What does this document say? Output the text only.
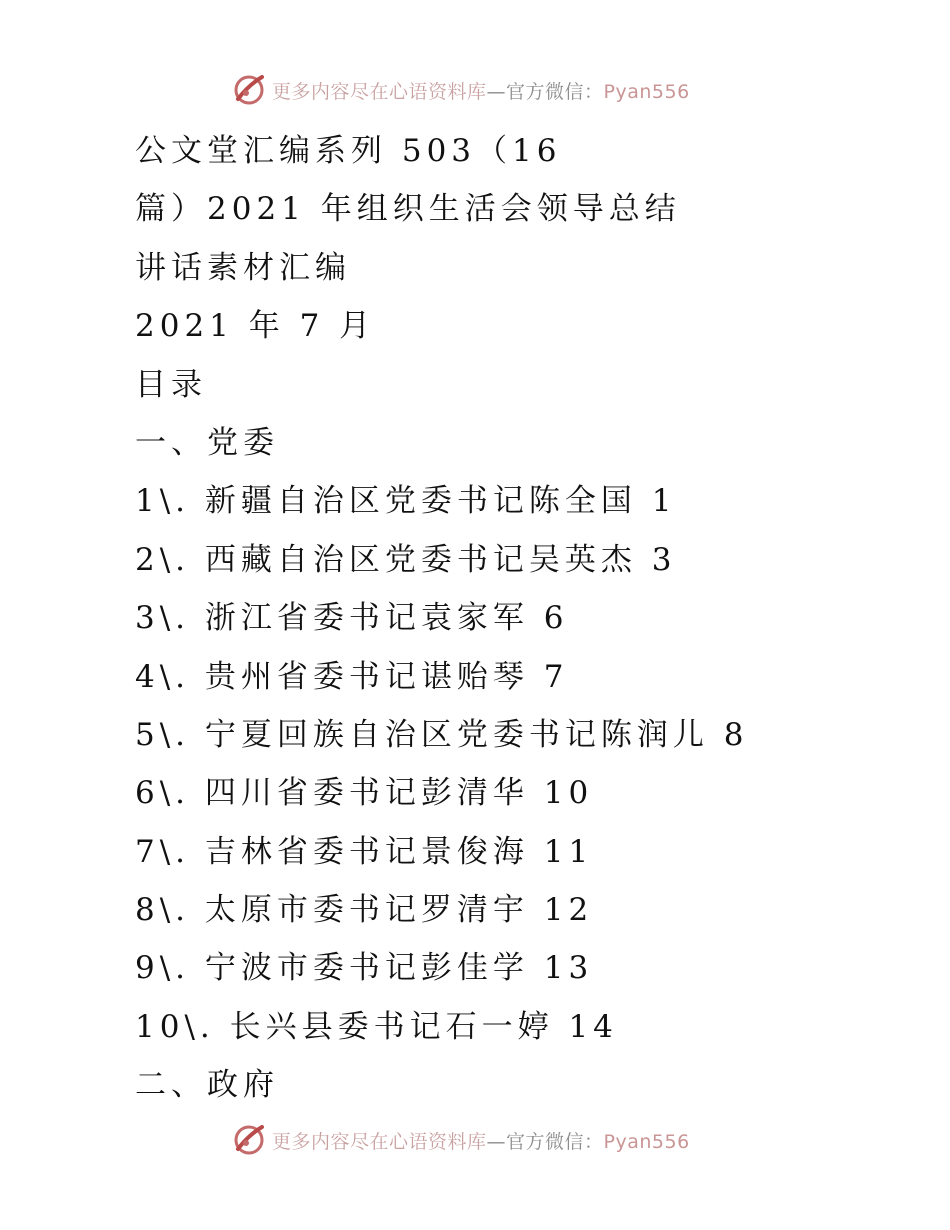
更多内容尽在心语资料库—官方微信：Pyan556
公文堂汇编系列 503（16
篇）2021 年组织生活会领导总结
讲话素材汇编
2021 年 7 月
目录
一、党委
1\. 新疆自治区党委书记陈全国 1
2\. 西藏自治区党委书记吴英杰 3
3\. 浙江省委书记袁家军 6
4\. 贵州省委书记谌贻琴 7
5\. 宁夏回族自治区党委书记陈润儿 8
6\. 四川省委书记彭清华 10
7\. 吉林省委书记景俊海 11
8\. 太原市委书记罗清宇 12
9\. 宁波市委书记彭佳学 13
10\. 长兴县委书记石一婷 14
二、政府
更多内容尽在心语资料库—官方微信：Pyan556
